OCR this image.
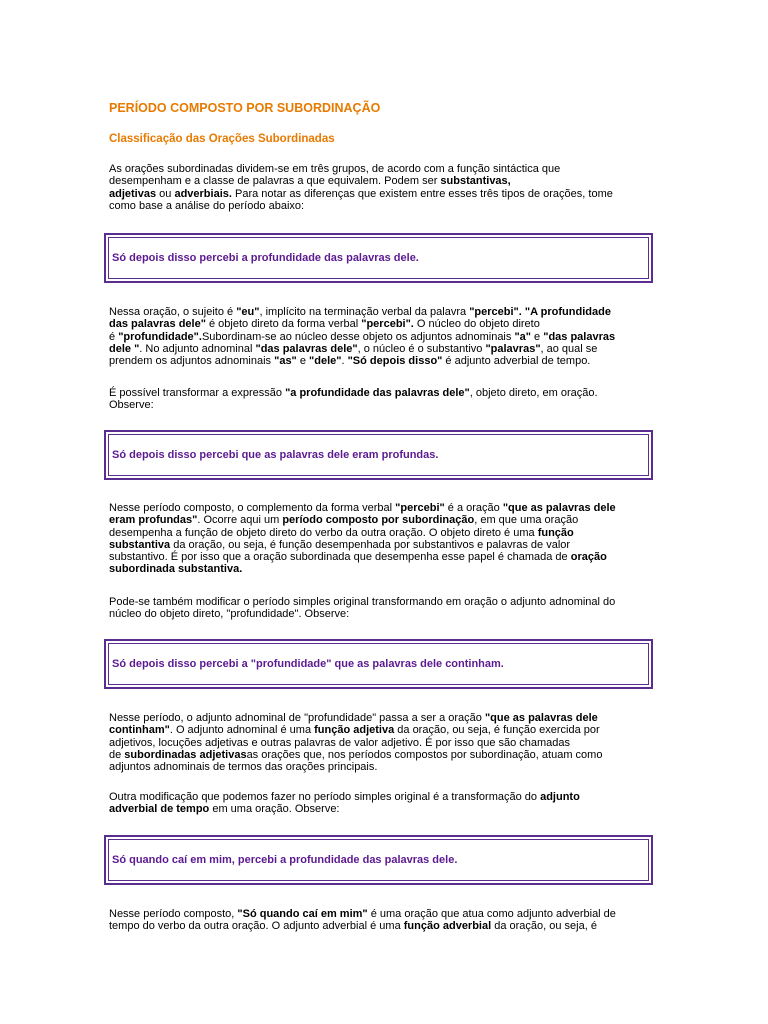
PERÍODO COMPOSTO POR SUBORDINAÇÃO
Classificação das Orações Subordinadas
As orações subordinadas dividem-se em três grupos, de acordo com a função sintáctica que
desempenham e a classe de palavras a que equivalem. Podem ser substantivas,
adjetivas ou adverbiais. Para notar as diferenças que existem entre esses três tipos de orações, tome
como base a análise do período abaixo:
Só depois disso percebi a profundidade das palavras dele.
Nessa oração, o sujeito é "eu", implícito na terminação verbal da palavra "percebi". "A profundidade
das palavras dele" é objeto direto da forma verbal "percebi". O núcleo do objeto direto
é "profundidade".Subordinam-se ao núcleo desse objeto os adjuntos adnominais "a" e "das palavras
dele ". No adjunto adnominal "das palavras dele", o núcleo é o substantivo "palavras", ao qual se
prendem os adjuntos adnominais "as" e "dele". "Só depois disso" é adjunto adverbial de tempo.
É possível transformar a expressão "a profundidade das palavras dele", objeto direto, em oração.
Observe:
Só depois disso percebi que as palavras dele eram profundas.
Nesse período composto, o complemento da forma verbal "percebi" é a oração "que as palavras dele
eram profundas". Ocorre aqui um período composto por subordinação, em que uma oração
desempenha a função de objeto direto do verbo da outra oração. O objeto direto é uma função
substantiva da oração, ou seja, é função desempenhada por substantivos e palavras de valor
substantivo. É por isso que a oração subordinada que desempenha esse papel é chamada de oração
subordinada substantiva.
Pode-se também modificar o período simples original transformando em oração o adjunto adnominal do
núcleo do objeto direto, "profundidade". Observe:
Só depois disso percebi a "profundidade" que as palavras dele continham.
Nesse período, o adjunto adnominal de "profundidade" passa a ser a oração "que as palavras dele
continham". O adjunto adnominal é uma função adjetiva da oração, ou seja, é função exercida por
adjetivos, locuções adjetivas e outras palavras de valor adjetivo. É por isso que são chamadas
de subordinadas adjetivasas orações que, nos períodos compostos por subordinação, atuam como
adjuntos adnominais de termos das orações principais.
Outra modificação que podemos fazer no período simples original é a transformação do adjunto
adverbial de tempo em uma oração. Observe:
Só quando caí em mim, percebi a profundidade das palavras dele.
Nesse período composto, "Só quando caí em mim" é uma oração que atua como adjunto adverbial de
tempo do verbo da outra oração. O adjunto adverbial é uma função adverbial da oração, ou seja, é
